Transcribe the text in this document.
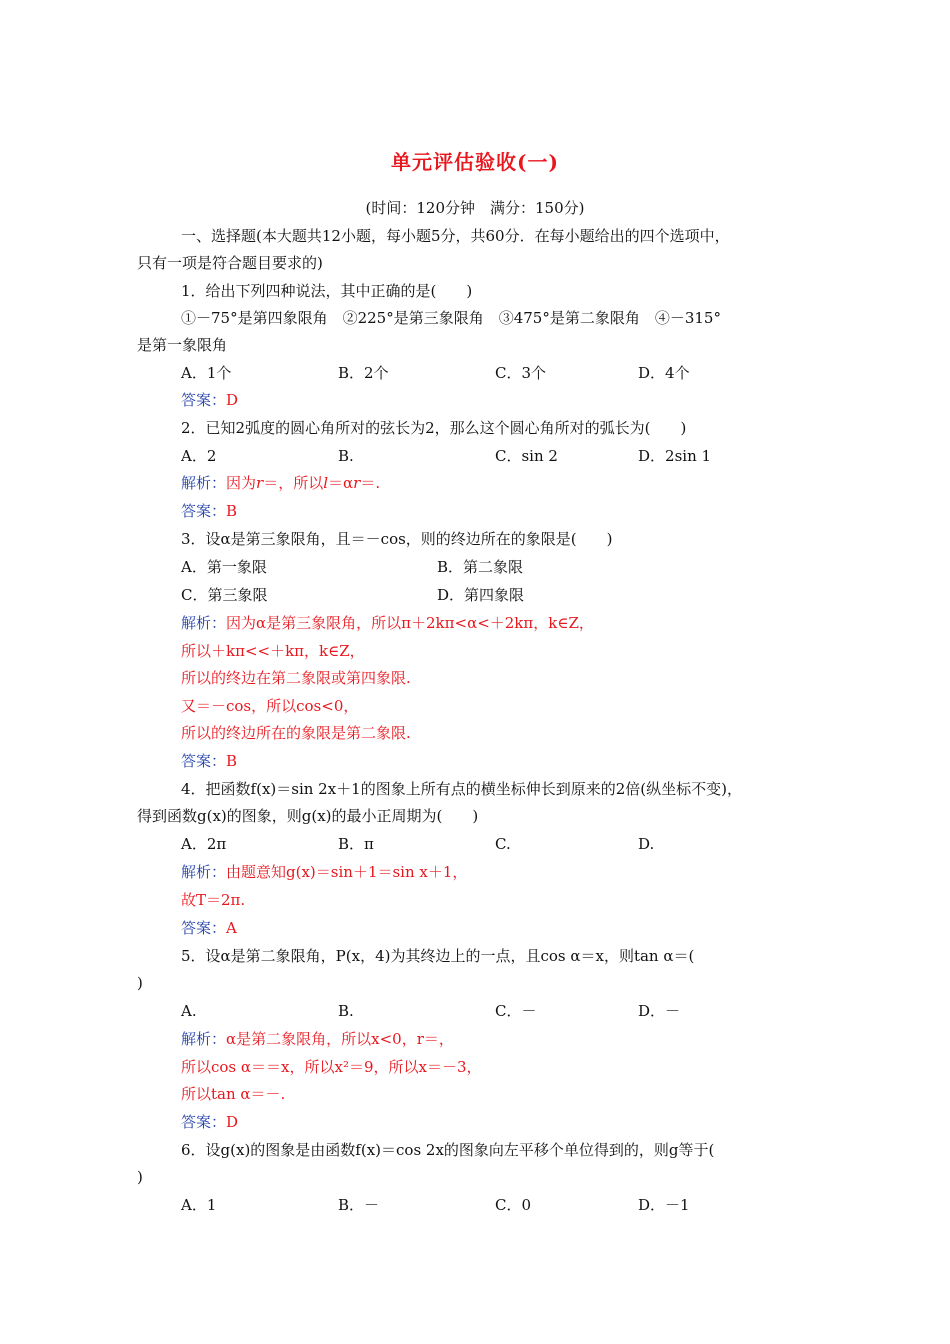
单元评估验收(一)
(时间：120分钟　满分：150分)
一、选择题(本大题共12小题，每小题5分，共60分．在每小题给出的四个选项中，
只有一项是符合题目要求的)
1．给出下列四种说法，其中正确的是(　　)
①－75°是第四象限角　②225°是第三象限角　③475°是第二象限角　④－315°
是第一象限角
A．1个	B．2个	C．3个	D．4个
答案：D
2．已知2弧度的圆心角所对的弦长为2，那么这个圆心角所对的弧长为(　　)
A．2	B.	C．sin 2	D．2sin 1
解析：因为r＝，所以l＝αr＝.
答案：B
3．设α是第三象限角，且＝－cos，则的终边所在的象限是(　　)
A．第一象限	B．第二象限
C．第三象限	D．第四象限
解析：因为α是第三象限角，所以π＋2kπ<α<＋2kπ，k∈Z，
所以＋kπ<<＋kπ，k∈Z，
所以的终边在第二象限或第四象限.
又＝－cos，所以cos<0，
所以的终边所在的象限是第二象限.
答案：B
4．把函数f(x)＝sin 2x＋1的图象上所有点的横坐标伸长到原来的2倍(纵坐标不变)，
得到函数g(x)的图象，则g(x)的最小正周期为(　　)
A．2π	B．π	C.	D.
解析：由题意知g(x)＝sin＋1＝sin x＋1，
故T＝2π.
答案：A
5．设α是第二象限角，P(x，4)为其终边上的一点，且cos α＝x，则tan α＝(
)
A.	B.	C．－	D．－
解析：α是第二象限角，所以x<0，r＝，
所以cos α＝＝x，所以x²＝9，所以x＝－3，
所以tan α＝－.
答案：D
6．设g(x)的图象是由函数f(x)＝cos 2x的图象向左平移个单位得到的，则g等于(
)
A．1	B．－	C．0	D．－1
